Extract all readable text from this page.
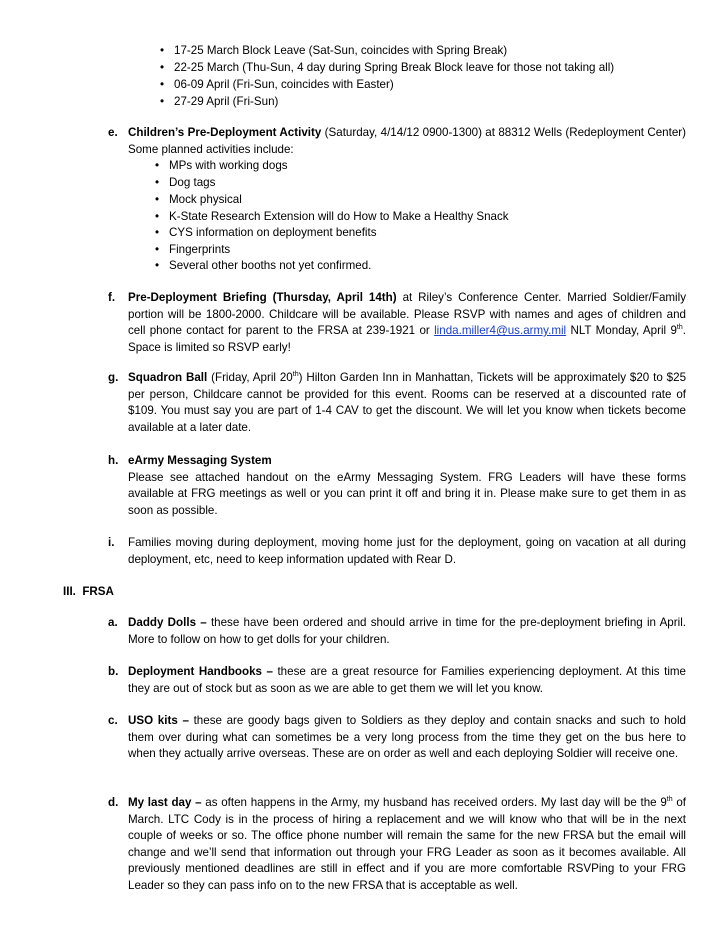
• 17-25 March Block Leave (Sat-Sun, coincides with Spring Break)
• 22-25 March (Thu-Sun, 4 day during Spring Break Block leave for those not taking all)
• 06-09 April (Fri-Sun, coincides with Easter)
• 27-29 April (Fri-Sun)
e. Children’s Pre-Deployment Activity (Saturday, 4/14/12 0900-1300) at 88312 Wells (Redeployment Center) Some planned activities include:
• MPs with working dogs
• Dog tags
• Mock physical
• K-State Research Extension will do How to Make a Healthy Snack
• CYS information on deployment benefits
• Fingerprints
• Several other booths not yet confirmed.
f. Pre-Deployment Briefing (Thursday, April 14th) at Riley’s Conference Center. Married Soldier/Family portion will be 1800-2000. Childcare will be available. Please RSVP with names and ages of children and cell phone contact for parent to the FRSA at 239-1921 or linda.miller4@us.army.mil NLT Monday, April 9th. Space is limited so RSVP early!
g. Squadron Ball (Friday, April 20th) Hilton Garden Inn in Manhattan, Tickets will be approximately $20 to $25 per person, Childcare cannot be provided for this event. Rooms can be reserved at a discounted rate of $109. You must say you are part of 1-4 CAV to get the discount. We will let you know when tickets become available at a later date.
h. eArmy Messaging System
Please see attached handout on the eArmy Messaging System. FRG Leaders will have these forms available at FRG meetings as well or you can print it off and bring it in. Please make sure to get them in as soon as possible.
i. Families moving during deployment, moving home just for the deployment, going on vacation at all during deployment, etc, need to keep information updated with Rear D.
III. FRSA
a. Daddy Dolls – these have been ordered and should arrive in time for the pre-deployment briefing in April. More to follow on how to get dolls for your children.
b. Deployment Handbooks – these are a great resource for Families experiencing deployment. At this time they are out of stock but as soon as we are able to get them we will let you know.
c. USO kits – these are goody bags given to Soldiers as they deploy and contain snacks and such to hold them over during what can sometimes be a very long process from the time they get on the bus here to when they actually arrive overseas. These are on order as well and each deploying Soldier will receive one.
d. My last day – as often happens in the Army, my husband has received orders. My last day will be the 9th of March. LTC Cody is in the process of hiring a replacement and we will know who that will be in the next couple of weeks or so. The office phone number will remain the same for the new FRSA but the email will change and we’ll send that information out through your FRG Leader as soon as it becomes available. All previously mentioned deadlines are still in effect and if you are more comfortable RSVPing to your FRG Leader so they can pass info on to the new FRSA that is acceptable as well.
